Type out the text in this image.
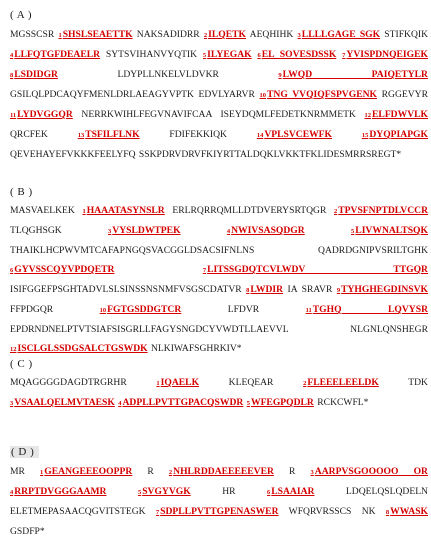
( A )
MGSSCSR 1SHSLSEAETTK NAKSADIDRR 2ILQETK AEQHIHK 3LLLLGAGE SGK STIFKQIK 4LLFQTGFDEAELR SYTSVIHANVYQTIK 5ILYEGAK 6EL SOVESDSSK 7YVISPDNQEIGEK 8LSDIDGR LDYPLLNKELVLDVKR 9LWQD PAIQETYLR GSILQLPDCAQYFMENLDRLAEAGYVPTK EDVLYARVR 10TNG VVQIQFSPVGENK RGGEVYR 11LYDVGGQR NERRKWIHLFEGVNAVIFCAA ISEYDQMLFEDETKNRMMETK 12ELFDWVLK QRCFEK 13TSFILFLNK FDIFEKKIQK 14VPLSVCEWFK	15DYQPIAPGK QEVEHAYEFVKKKFEELYFQ SSKPDRVDRVFKIYRTTALDQKLVKKTFKLIDESMRRSREGT*
( B )
MASVAELKEK 1HAAATASYNSLR ERLRQRRQMLLDTDVERYSRTQGR 2TPVSFNPTDLVCCR TLQGHSGK 3VYSLDWTPEK	4NWIVSASQDGR	5LIVWNALTSQK THAIKLHCPWVMTCAFAPNGQSVACGGLDSACSIFNLNS QADRDGNIPVSRILTGHK 6GYVSSCQYVPDQETR	7LITSSGDQTCVLWDV TTGQR ISIFGGEFPSGHTADVLSLSINSSNSNMFVSGSCDATVR 8LWDIR IA SRAVR 9TYHGHEGDINSVK FFPDGQR 10FGTGSDDGTCR LFDVR 11TGHQ LQVYSR EPDRNDNELPTVTSIAFSISGRLLFAGYSNGDCYVWDTLLAEVVL NLGNLQNSHEGR 12ISCLGLSSDGSALCTGSWDK NLKIWAFSGHRKIV*
( C )
MQAGGGGDAGDTRGRHR 1IQAELK KLEQEAR 2FLEEELEELDK TDK 3VSAALQELMVTAESK 4ADPLLPVTTGPACQSWDR 5WFEGPQDLR RCKCWFL*
( D )
MR 1GEANGEEEOOPPR R 2NHLRDDAEEEEEVER R 3AARPVSGOOOOO OR 4RRPTDVGGGAAMR	5SVGYVGK HR 6LSAAIAR LDQELQSLQDELN ELETMEPASAACQGVITSTEGK 7SDPLLPVTTGPENASWER WFQRVRSSCS NK 8WWASK GSDFP*
